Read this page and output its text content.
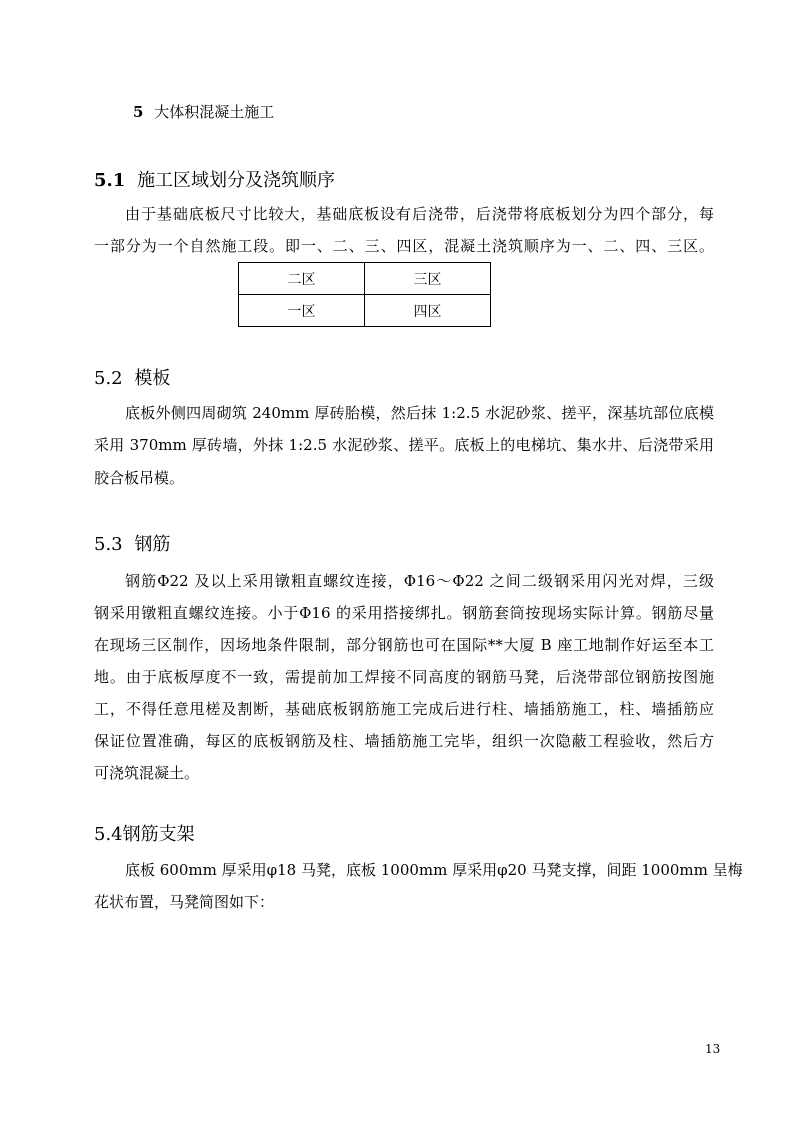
5 大体积混凝土施工
5.1 施工区域划分及浇筑顺序
由于基础底板尺寸比较大，基础底板设有后浇带，后浇带将底板划分为四个部分，每
一部分为一个自然施工段。即一、二、三、四区，混凝土浇筑顺序为一、二、四、三区。
二区	三区
一区	四区
5.2 模板
底板外侧四周砌筑 240mm 厚砖胎模，然后抹 1:2.5 水泥砂浆、搓平，深基坑部位底模
采用 370mm 厚砖墙，外抹 1:2.5 水泥砂浆、搓平。底板上的电梯坑、集水井、后浇带采用
胶合板吊模。
5.3 钢筋
钢筋Φ22 及以上采用镦粗直螺纹连接，Φ16～Φ22 之间二级钢采用闪光对焊，三级
钢采用镦粗直螺纹连接。小于Φ16 的采用搭接绑扎。钢筋套筒按现场实际计算。钢筋尽量
在现场三区制作，因场地条件限制，部分钢筋也可在国际**大厦 B 座工地制作好运至本工
地。由于底板厚度不一致，需提前加工焊接不同高度的钢筋马凳，后浇带部位钢筋按图施
工，不得任意甩槎及割断，基础底板钢筋施工完成后进行柱、墙插筋施工，柱、墙插筋应
保证位置准确，每区的底板钢筋及柱、墙插筋施工完毕，组织一次隐蔽工程验收，然后方
可浇筑混凝土。
5.4钢筋支架
底板 600mm 厚采用φ18 马凳，底板 1000mm 厚采用φ20 马凳支撑，间距 1000mm 呈梅
花状布置，马凳简图如下：
13
